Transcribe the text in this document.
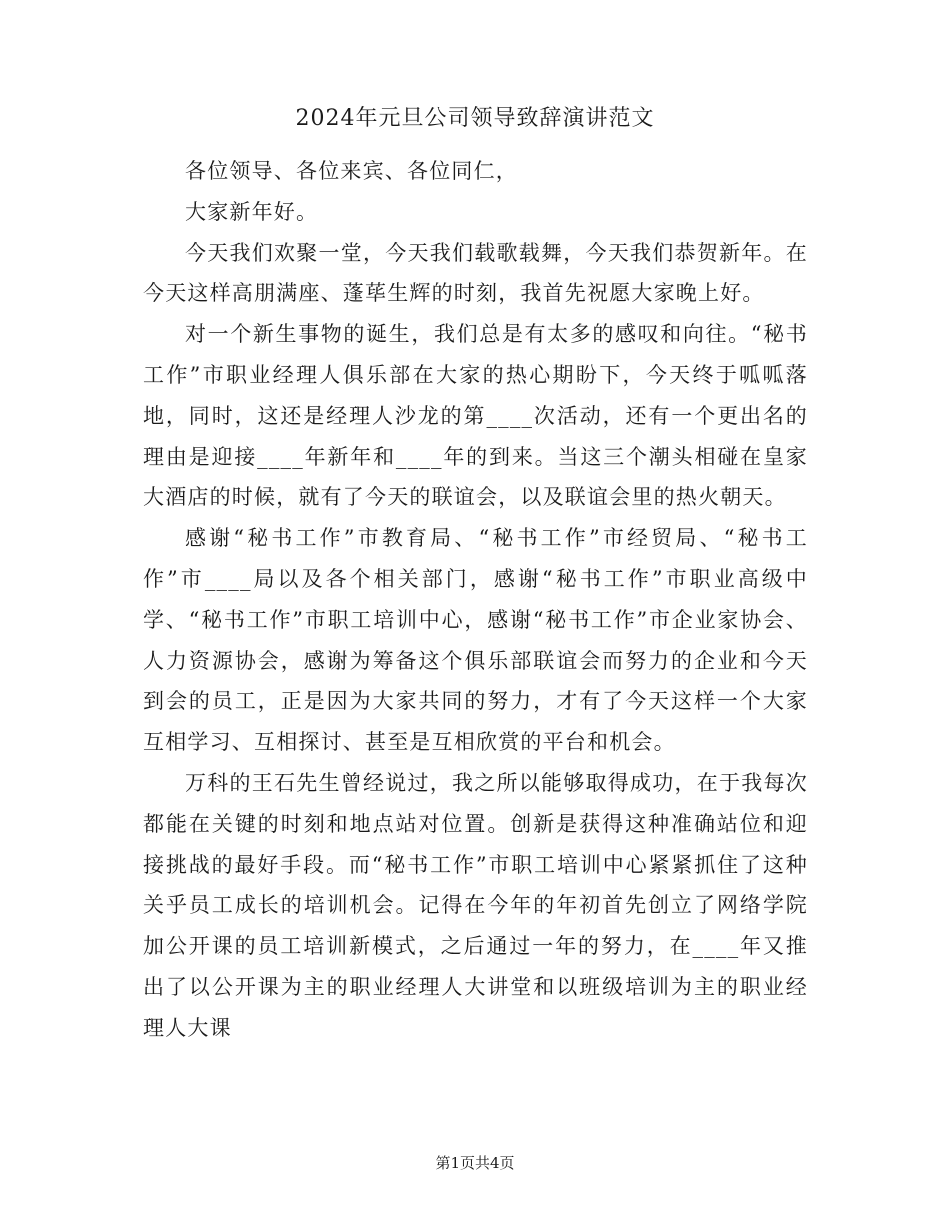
2024年元旦公司领导致辞演讲范文

各位领导、各位来宾、各位同仁，

大家新年好。

今天我们欢聚一堂，今天我们载歌载舞，今天我们恭贺新年。在今天这样高朋满座、蓬荜生辉的时刻，我首先祝愿大家晚上好。

对一个新生事物的诞生，我们总是有太多的感叹和向往。“秘书工作”市职业经理人俱乐部在大家的热心期盼下，今天终于呱呱落地，同时，这还是经理人沙龙的第____次活动，还有一个更出名的理由是迎接____年新年和____年的到来。当这三个潮头相碰在皇家大酒店的时候，就有了今天的联谊会，以及联谊会里的热火朝天。

感谢“秘书工作”市教育局、“秘书工作”市经贸局、“秘书工作”市____局以及各个相关部门，感谢“秘书工作”市职业高级中学、“秘书工作”市职工培训中心，感谢“秘书工作”市企业家协会、人力资源协会，感谢为筹备这个俱乐部联谊会而努力的企业和今天到会的员工，正是因为大家共同的努力，才有了今天这样一个大家互相学习、互相探讨、甚至是互相欣赏的平台和机会。

万科的王石先生曾经说过，我之所以能够取得成功，在于我每次都能在关键的时刻和地点站对位置。创新是获得这种准确站位和迎接挑战的最好手段。而“秘书工作”市职工培训中心紧紧抓住了这种关乎员工成长的培训机会。记得在今年的年初首先创立了网络学院加公开课的员工培训新模式，之后通过一年的努力，在____年又推出了以公开课为主的职业经理人大讲堂和以班级培训为主的职业经理人大课

第1页共4页
